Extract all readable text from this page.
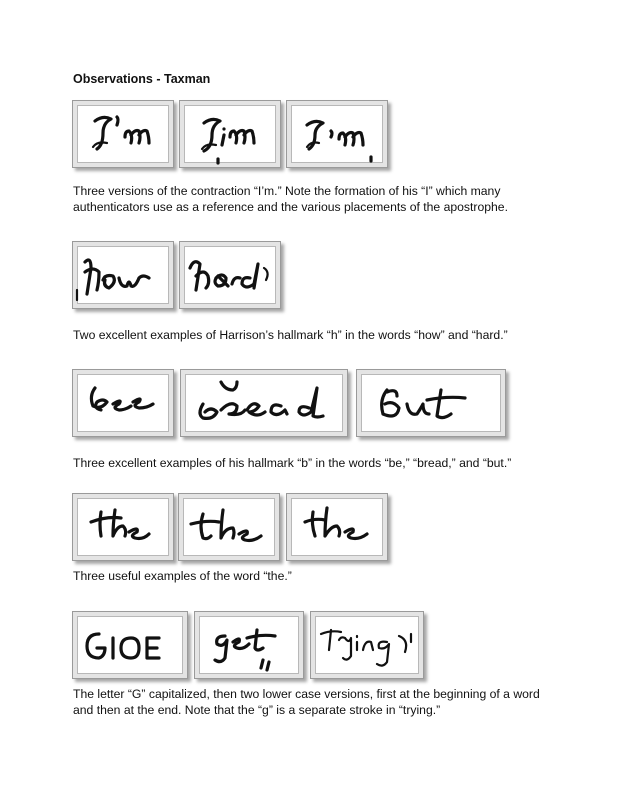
Observations - Taxman
Three versions of the contraction “I’m.” Note the formation of his “I” which many authenticators use as a reference and the various placements of the apostrophe.
Two excellent examples of Harrison’s hallmark “h” in the words “how” and “hard.”
Three excellent examples of his hallmark “b” in the words “be,” “bread,” and “but.”
Three useful examples of the word “the.”
The letter “G” capitalized, then two lower case versions, first at the beginning of a word and then at the end. Note that the “g” is a separate stroke in “trying.”
